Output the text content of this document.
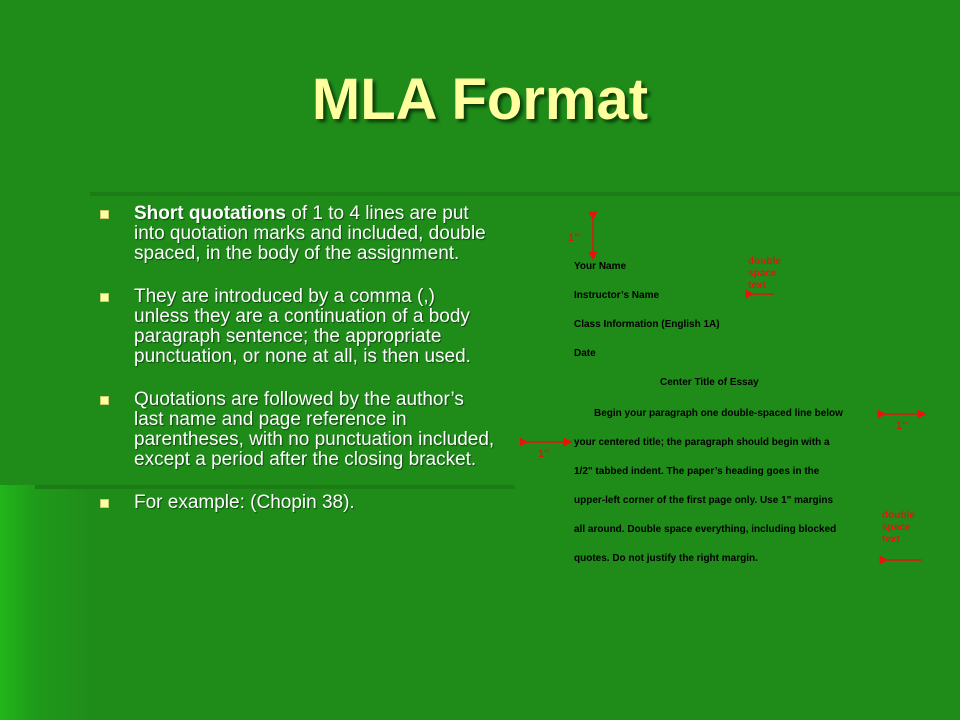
MLA Format
Short quotations of 1 to 4 lines are put into quotation marks and included, double spaced, in the body of the assignment.
They are introduced by a comma (,) unless they are a continuation of a body paragraph sentence; the appropriate punctuation, or none at all, is then used.
Quotations are followed by the author’s last name and page reference in parentheses, with no punctuation included, except a period after the closing bracket.
For example: (Chopin 38).
1"
1"
1"
double
space
text
double
space
text
Your Name
Instructor’s Name
Class Information (English 1A)
Date
Center Title of Essay
Begin your paragraph one double-spaced line below
your centered title; the paragraph should begin with a
1/2" tabbed indent. The paper’s heading goes in the
upper-left corner of the first page only. Use 1" margins
all around. Double space everything, including blocked
quotes. Do not justify the right margin.
